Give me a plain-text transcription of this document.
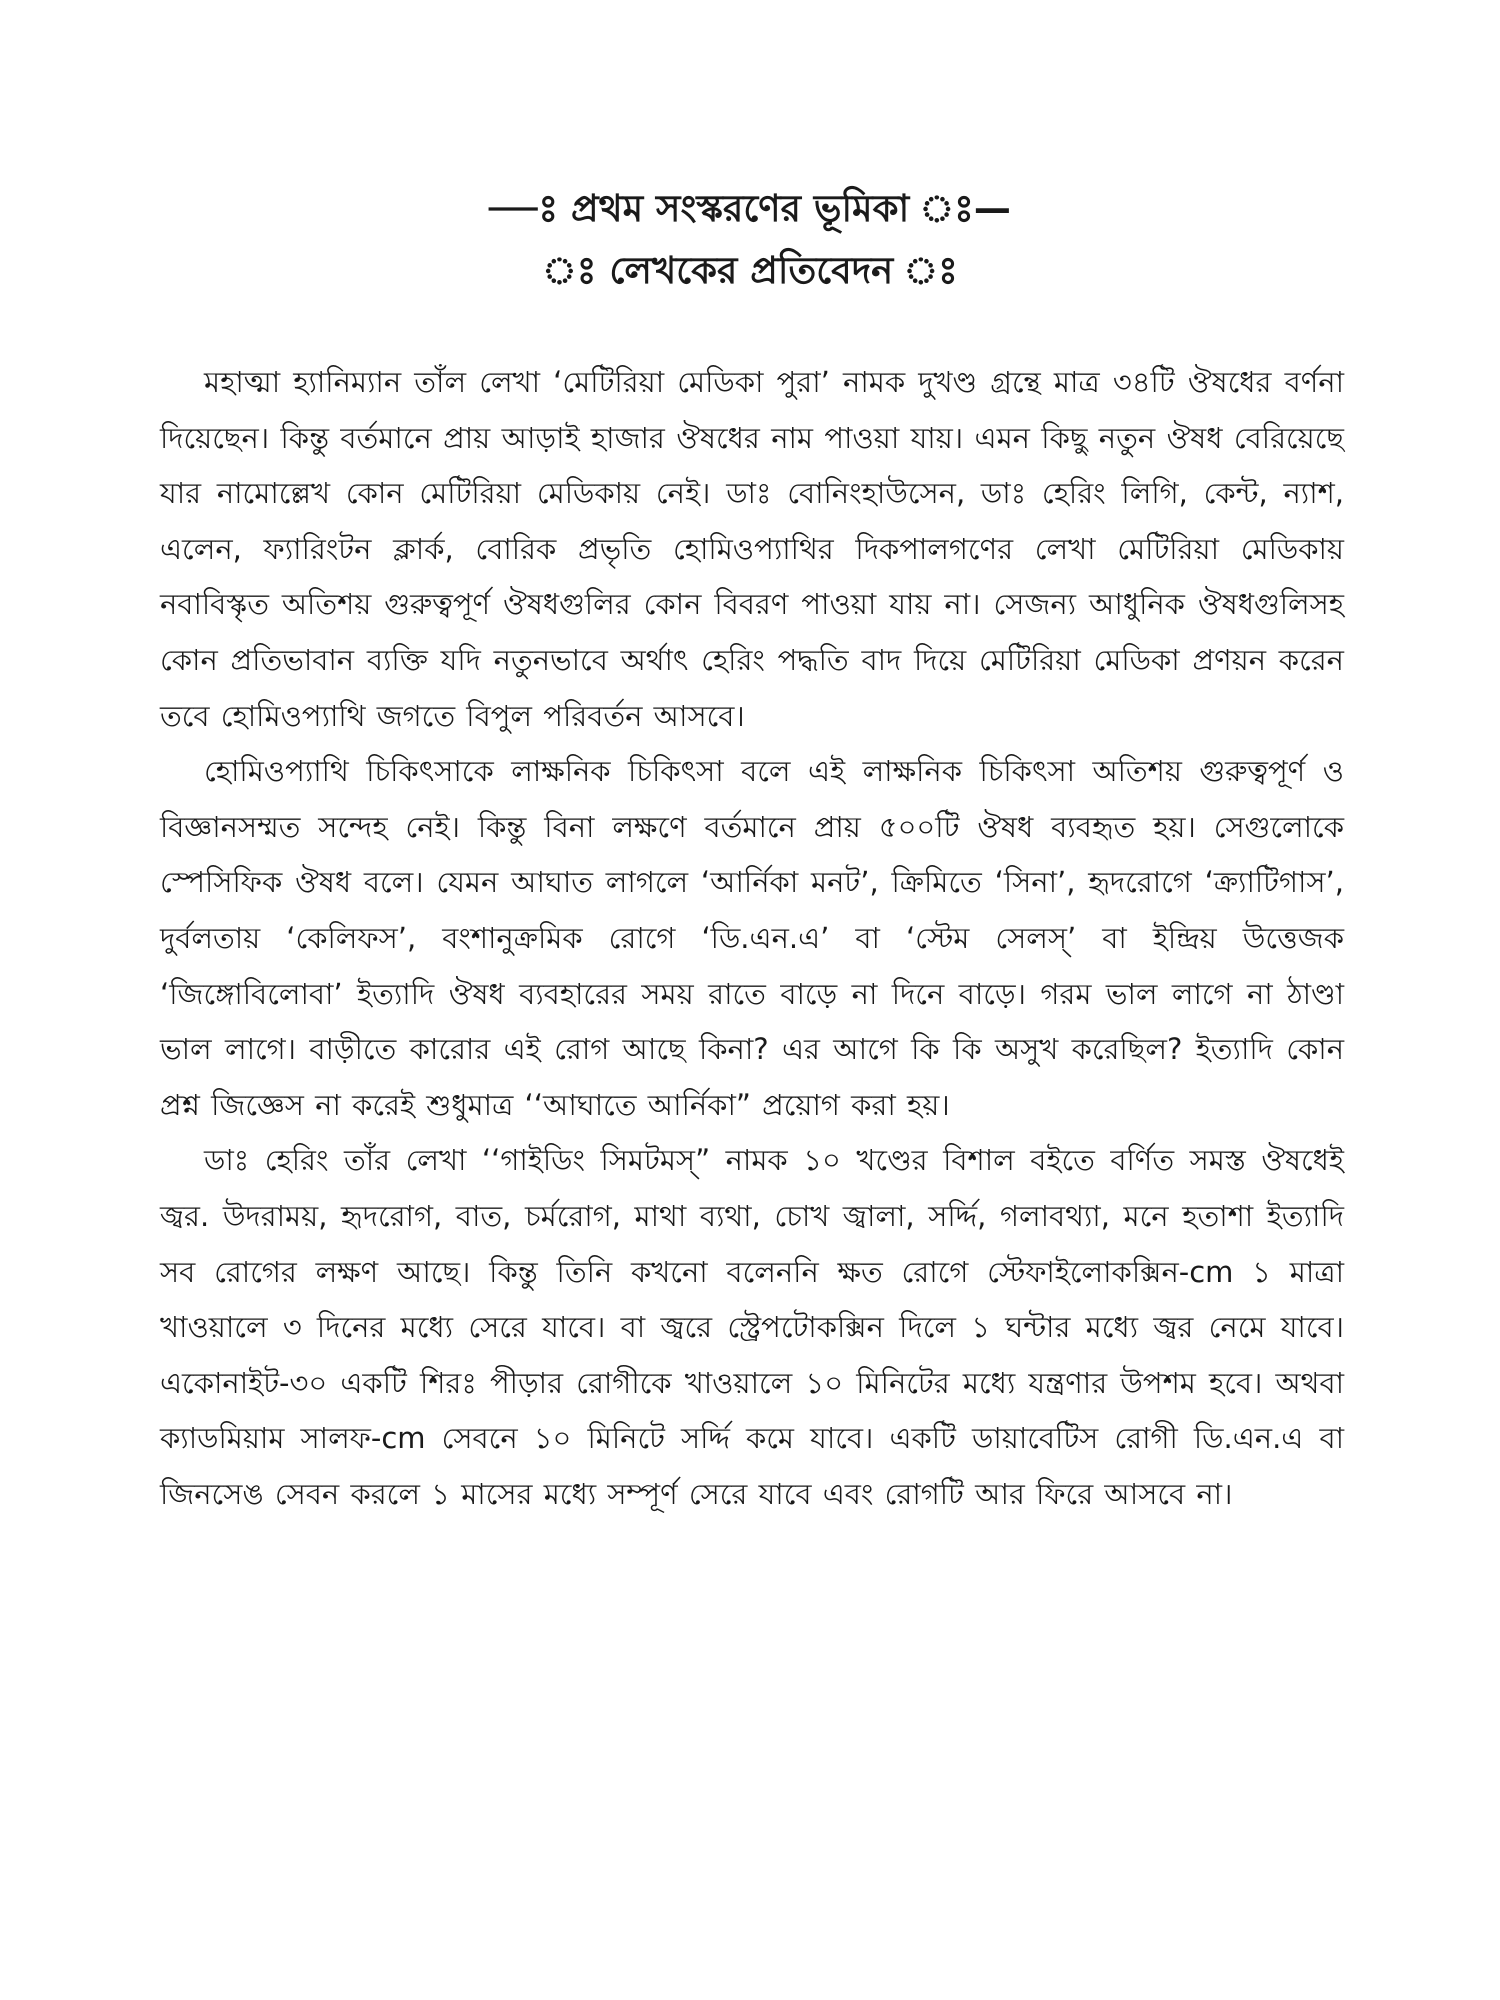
—ঃ প্রথম সংস্করণের ভূমিকা ঃ—
ঃ লেখকের প্রতিবেদন ঃ

মহাত্মা হ্যানিম্যান তাঁল লেখা ‘মেটিরিয়া মেডিকা পুরা’ নামক দুখণ্ড গ্রন্থে মাত্র ৩৪টি ঔষধের বর্ণনা দিয়েছেন। কিন্তু বর্তমানে প্রায় আড়াই হাজার ঔষধের নাম পাওয়া যায়। এমন কিছু নতুন ঔষধ বেরিয়েছে যার নামোল্লেখ কোন মেটিরিয়া মেডিকায় নেই। ডাঃ বোনিংহাউসেন, ডাঃ হেরিং লিগি, কেন্ট, ন্যাশ, এলেন, ফ্যারিংটন ক্লার্ক, বোরিক প্রভৃতি হোমিওপ্যাথির দিকপালগণের লেখা মেটিরিয়া মেডিকায় নবাবিস্কৃত অতিশয় গুরুত্বপূর্ণ ঔষধগুলির কোন বিবরণ পাওয়া যায় না। সেজন্য আধুনিক ঔষধগুলিসহ কোন প্রতিভাবান ব্যক্তি যদি নতুনভাবে অর্থাৎ হেরিং পদ্ধতি বাদ দিয়ে মেটিরিয়া মেডিকা প্রণয়ন করেন তবে হোমিওপ্যাথি জগতে বিপুল পরিবর্তন আসবে।

হোমিওপ্যাথি চিকিৎসাকে লাক্ষনিক চিকিৎসা বলে এই লাক্ষনিক চিকিৎসা অতিশয় গুরুত্বপূর্ণ ও বিজ্ঞানসম্মত সন্দেহ নেই। কিন্তু বিনা লক্ষণে বর্তমানে প্রায় ৫০০টি ঔষধ ব্যবহৃত হয়। সেগুলোকে স্পেসিফিক ঔষধ বলে। যেমন আঘাত লাগলে ‘আর্নিকা মনট’, ক্রিমিতে ‘সিনা’, হৃদরোগে ‘ক্র্যাটিগাস’, দুর্বলতায় ‘কেলিফস’, বংশানুক্রমিক রোগে ‘ডি.এন.এ’ বা ‘স্টেম সেলস্’ বা ইন্দ্রিয় উত্তেজক ‘জিঙ্গোবিলোবা’ ইত্যাদি ঔষধ ব্যবহারের সময় রাতে বাড়ে না দিনে বাড়ে। গরম ভাল লাগে না ঠাণ্ডা ভাল লাগে। বাড়ীতে কারোর এই রোগ আছে কিনা? এর আগে কি কি অসুখ করেছিল? ইত্যাদি কোন প্রশ্ন জিজ্ঞেস না করেই শুধুমাত্র ‘‘আঘাতে আর্নিকা” প্রয়োগ করা হয়।

ডাঃ হেরিং তাঁর লেখা ‘‘গাইডিং সিমটমস্” নামক ১০ খণ্ডের বিশাল বইতে বর্ণিত সমস্ত ঔষধেই জ্বর. উদরাময়, হৃদরোগ, বাত, চর্মরোগ, মাথা ব্যথা, চোখ জ্বালা, সর্দ্দি, গলাবথ্যা, মনে হতাশা ইত্যাদি সব রোগের লক্ষণ আছে। কিন্তু তিনি কখনো বলেননি ক্ষত রোগে স্টেফাইলোকক্সিন-cm ১ মাত্রা খাওয়ালে ৩ দিনের মধ্যে সেরে যাবে। বা জ্বরে স্ট্রেপটোকক্সিন দিলে ১ ঘন্টার মধ্যে জ্বর নেমে যাবে। একোনাইট-৩০ একটি শিরঃ পীড়ার রোগীকে খাওয়ালে ১০ মিনিটের মধ্যে যন্ত্রণার উপশম হবে। অথবা ক্যাডমিয়াম সালফ-cm সেবনে ১০ মিনিটে সর্দ্দি কমে যাবে। একটি ডায়াবেটিস রোগী ডি.এন.এ বা জিনসেঙ সেবন করলে ১ মাসের মধ্যে সম্পূর্ণ সেরে যাবে এবং রোগটি আর ফিরে আসবে না।
